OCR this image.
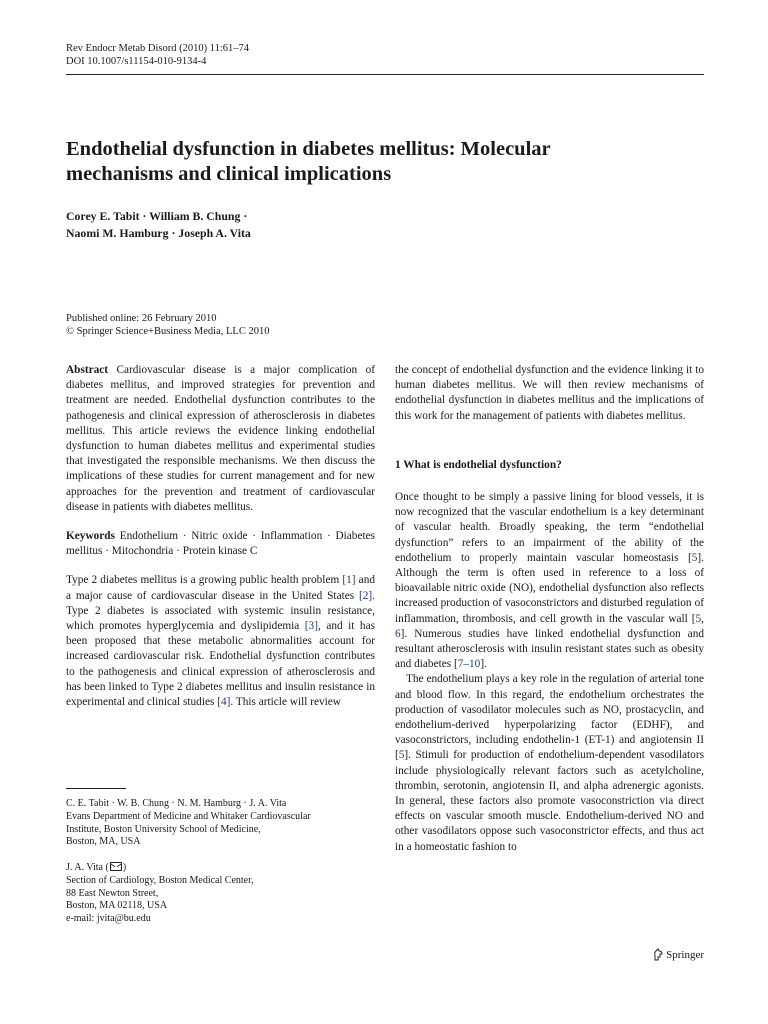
Rev Endocr Metab Disord (2010) 11:61–74
DOI 10.1007/s11154-010-9134-4
Endothelial dysfunction in diabetes mellitus: Molecular
mechanisms and clinical implications
Corey E. Tabit · William B. Chung ·
Naomi M. Hamburg · Joseph A. Vita
Published online: 26 February 2010
© Springer Science+Business Media, LLC 2010

Abstract Cardiovascular disease is a major complication of diabetes mellitus, and improved strategies for prevention and treatment are needed. Endothelial dysfunction contributes to the pathogenesis and clinical expression of atherosclerosis in diabetes mellitus. This article reviews the evidence linking endothelial dysfunction to human diabetes mellitus and experimental studies that investigated the responsible mechanisms. We then discuss the implications of these studies for current management and for new approaches for the prevention and treatment of cardiovascular disease in patients with diabetes mellitus.

Keywords Endothelium · Nitric oxide · Inflammation · Diabetes mellitus · Mitochondria · Protein kinase C

Type 2 diabetes mellitus is a growing public health problem [1] and a major cause of cardiovascular disease in the United States [2]. Type 2 diabetes is associated with systemic insulin resistance, which promotes hyperglycemia and dyslipidemia [3], and it has been proposed that these metabolic abnormalities account for increased cardiovascular risk. Endothelial dysfunction contributes to the pathogenesis and clinical expression of atherosclerosis and has been linked to Type 2 diabetes mellitus and insulin resistance in experimental and clinical studies [4]. This article will review

C. E. Tabit · W. B. Chung · N. M. Hamburg · J. A. Vita
Evans Department of Medicine and Whitaker Cardiovascular
Institute, Boston University School of Medicine,
Boston, MA, USA
J. A. Vita ( )
Section of Cardiology, Boston Medical Center,
88 East Newton Street,
Boston, MA 02118, USA
e-mail: jvita@bu.edu

the concept of endothelial dysfunction and the evidence linking it to human diabetes mellitus. We will then review mechanisms of endothelial dysfunction in diabetes mellitus and the implications of this work for the management of patients with diabetes mellitus.

1 What is endothelial dysfunction?

Once thought to be simply a passive lining for blood vessels, it is now recognized that the vascular endothelium is a key determinant of vascular health. Broadly speaking, the term “endothelial dysfunction” refers to an impairment of the ability of the endothelium to properly maintain vascular homeostasis [5]. Although the term is often used in reference to a loss of bioavailable nitric oxide (NO), endothelial dysfunction also reflects increased production of vasoconstrictors and disturbed regulation of inflammation, thrombosis, and cell growth in the vascular wall [5, 6]. Numerous studies have linked endothelial dysfunction and resultant atherosclerosis with insulin resistant states such as obesity and diabetes [7–10].

The endothelium plays a key role in the regulation of arterial tone and blood flow. In this regard, the endothelium orchestrates the production of vasodilator molecules such as NO, prostacyclin, and endothelium-derived hyperpolarizing factor (EDHF), and vasoconstrictors, including endothelin-1 (ET-1) and angiotensin II [5]. Stimuli for production of endothelium-dependent vasodilators include physiologically relevant factors such as acetylcholine, thrombin, serotonin, angiotensin II, and alpha adrenergic agonists. In general, these factors also promote vasoconstriction via direct effects on vascular smooth muscle. Endothelium-derived NO and other vasodilators oppose such vasoconstrictor effects, and thus act in a homeostatic fashion to

Springer
